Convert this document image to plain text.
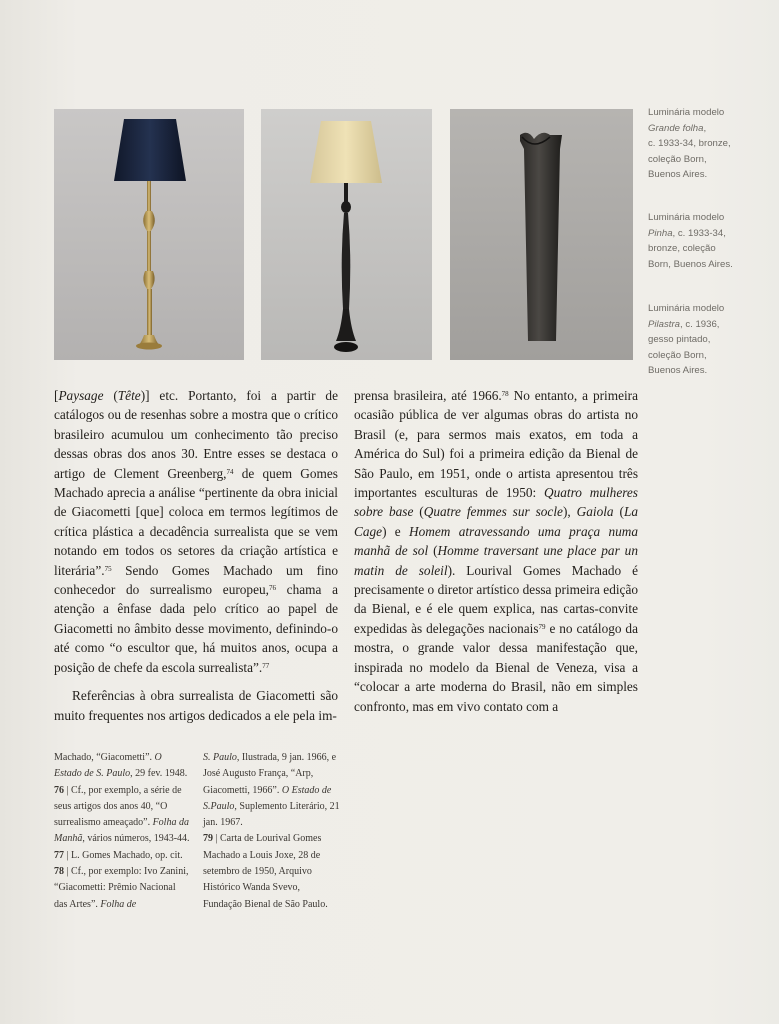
Luminária modelo
Grande folha,
c. 1933-34, bronze,
coleção Born,
Buenos Aires.
Luminária modelo
Pinha, c. 1933-34,
bronze, coleção
Born, Buenos Aires.
Luminária modelo
Pilastra, c. 1936,
gesso pintado,
coleção Born,
Buenos Aires.

[Paysage (Tête)] etc. Portanto, foi a partir de catálogos ou de resenhas sobre a mostra que o crítico brasileiro acumulou um conhecimento tão preciso dessas obras dos anos 30. Entre esses se destaca o artigo de Clement Greenberg,$^{74}$ de quem Gomes Machado aprecia a análise “pertinente da obra inicial de Giacometti [que] coloca em termos legítimos de crítica plástica a decadência surrealista que se vem notando em todos os setores da criação artística e literária”.$^{75}$ Sendo Gomes Machado um fino conhecedor do surrealismo europeu,$^{76}$ chama a atenção a ênfase dada pelo crítico ao papel de Giacometti no âmbito desse movimento, definindo-o até como “o escultor que, há muitos anos, ocupa a posição de chefe da escola surrealista”.$^{77}$

Referências à obra surrealista de Giacometti são muito frequentes nos artigos dedicados a ele pela im-

prensa brasileira, até 1966.78 No entanto, a primeira ocasião pública de ver algumas obras do artista no Brasil (e, para sermos mais exatos, em toda a América do Sul) foi a primeira edição da Bienal de São Paulo, em 1951, onde o artista apresentou três importantes esculturas de 1950: Quatro mulheres sobre base (Quatre femmes sur socle), Gaiola (La Cage) e Homem atravessando uma praça numa manhã de sol (Homme traversant une place par un matin de soleil). Lourival Gomes Machado é precisamente o diretor artístico dessa primeira edição da Bienal, e é ele quem explica, nas cartas-convite expedidas às delegações nacionais$^{79}$ e no catálogo da mostra, o grande valor dessa manifestação que, inspirada no modelo da Bienal de Veneza, visa a “colocar a arte moderna do Brasil, não em simples confronto, mas em vivo contato com a

Machado, “Giacometti”. O Estado de S. Paulo, 29 fev. 1948.
76 | Cf., por exemplo, a série de seus artigos dos anos 40, “O surrealismo ameaçado”. Folha da Manhã, vários números, 1943-44.
77 | L. Gomes Machado, op. cit.
78 | Cf., por exemplo: Ivo Zanini, “Giacometti: Prêmio Nacional das Artes”. Folha de
S. Paulo, Ilustrada, 9 jan. 1966, e José Augusto França, “Arp, Giacometti, 1966”. O Estado de S.Paulo, Suplemento Literário, 21 jan. 1967.
79 | Carta de Lourival Gomes Machado a Louis Joxe, 28 de setembro de 1950, Arquivo Histórico Wanda Svevo, Fundação Bienal de São Paulo.
